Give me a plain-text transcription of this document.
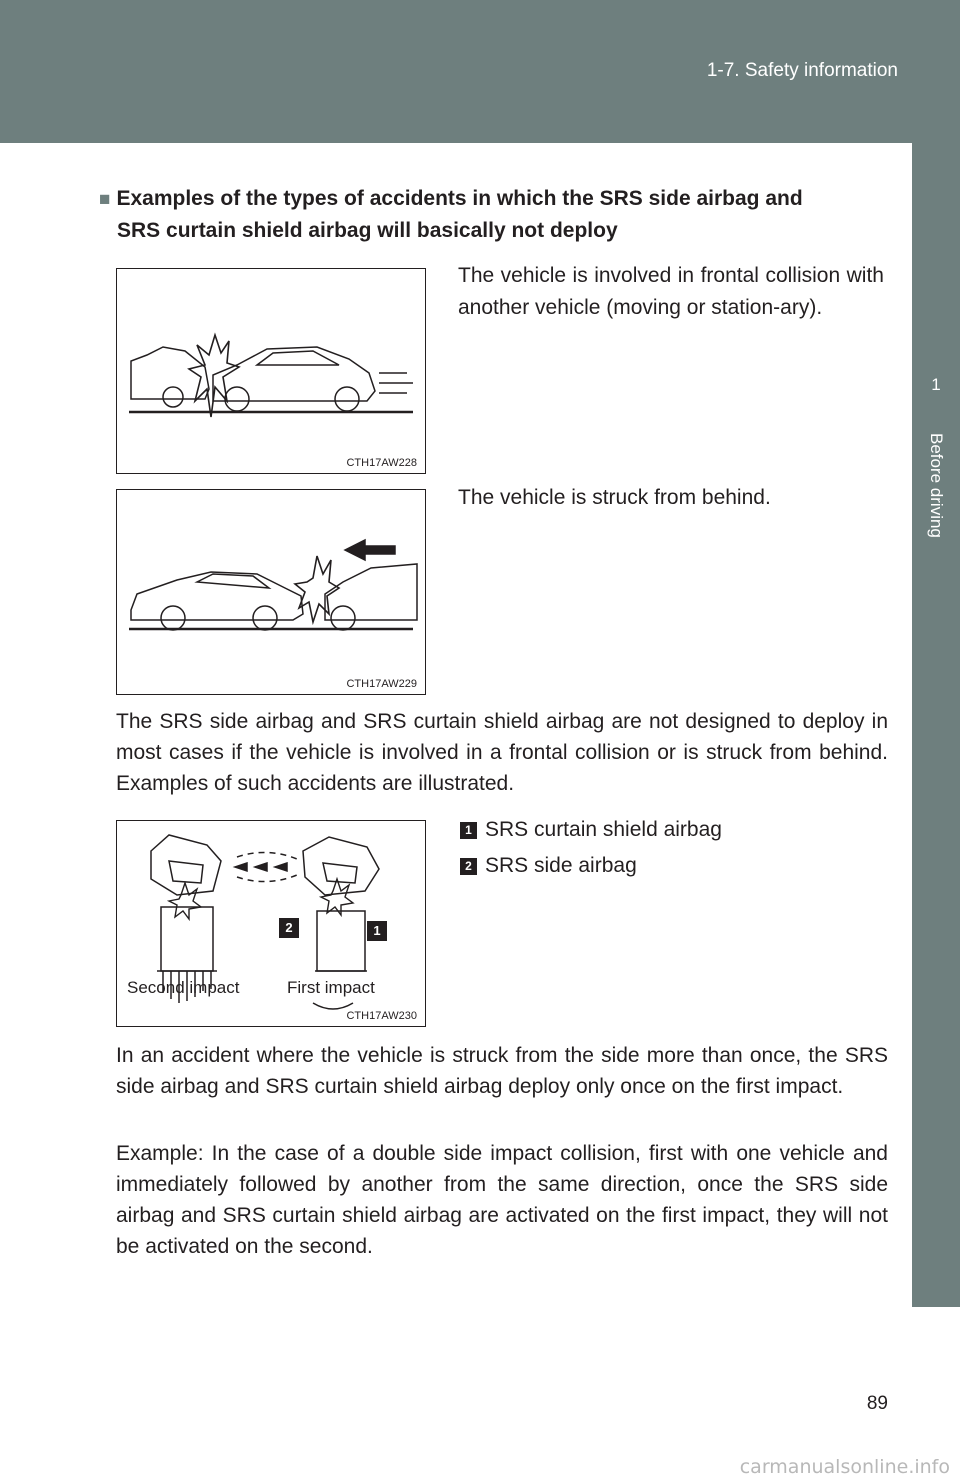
1-7. Safety information
1
Before driving
■ Examples of the types of accidents in which the SRS side airbag and
SRS curtain shield airbag will basically not deploy
CTH17AW228
The vehicle is involved in frontal collision with another vehicle (moving or station-ary).
CTH17AW229
The vehicle is struck from behind.
The SRS side airbag and SRS curtain shield airbag are not designed to deploy in most cases if the vehicle is involved in a frontal collision or is struck from behind. Examples of such accidents are illustrated.
2	1
Second impact	First impact
CTH17AW230
1 SRS curtain shield airbag
2 SRS side airbag
In an accident where the vehicle is struck from the side more than once, the SRS side airbag and SRS curtain shield airbag deploy only once on the first impact.
Example: In the case of a double side impact collision, first with one vehicle and immediately followed by another from the same direction, once the SRS side airbag and SRS curtain shield airbag are activated on the first impact, they will not be activated on the second.
89
carmanualsonline.info
